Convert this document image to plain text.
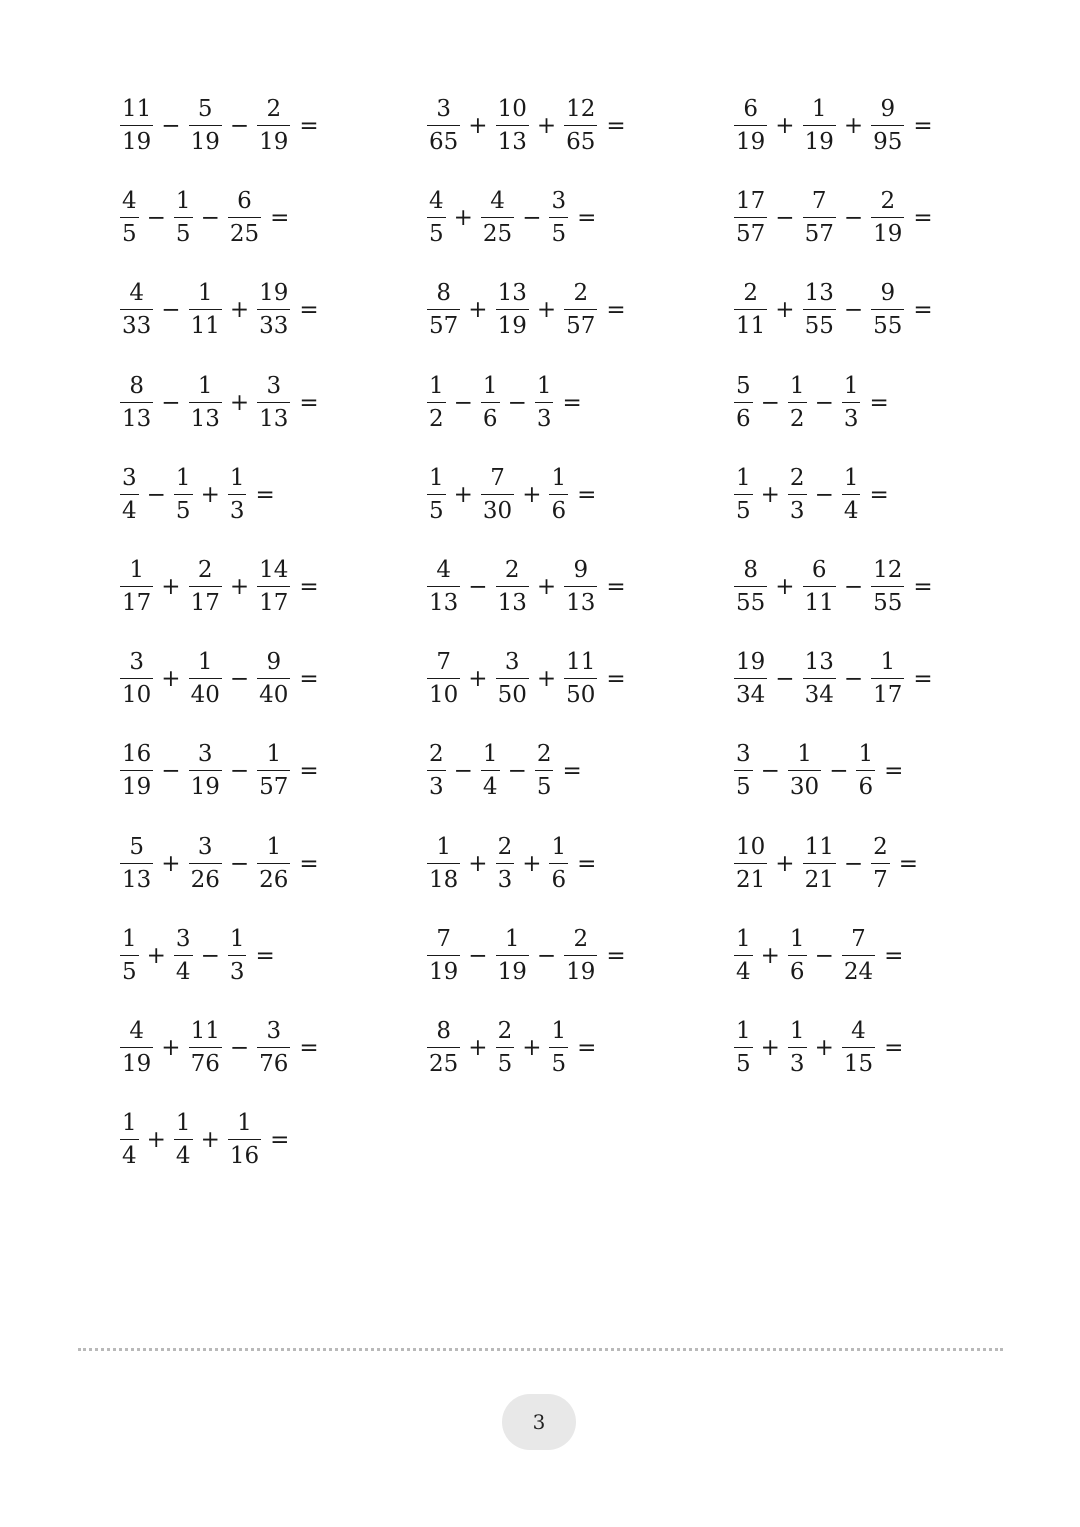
$\frac{11}{19} - \frac{5}{19} - \frac{2}{19}$ =	$\frac{3}{65} + \frac{10}{13} + \frac{12}{65}$ =	$\frac{6}{19} + \frac{1}{19} + \frac{9}{95}$ =
$\frac{4}{5} - \frac{1}{5} - \frac{6}{25}$ =	$\frac{4}{5} + \frac{4}{25} - \frac{3}{5}$ =	$\frac{17}{57} - \frac{7}{57} - \frac{2}{19}$ =
$\frac{4}{33} - \frac{1}{11} + \frac{19}{33}$ =	$\frac{8}{57} + \frac{13}{19} + \frac{2}{57}$ =	$\frac{2}{11} + \frac{13}{55} - \frac{9}{55}$ =
$\frac{8}{13} - \frac{1}{13} + \frac{3}{13}$ =	$\frac{1}{2} - \frac{1}{6} - \frac{1}{3}$ =	$\frac{5}{6} - \frac{1}{2} - \frac{1}{3}$ =
$\frac{3}{4} - \frac{1}{5} + \frac{1}{3}$ =	$\frac{1}{5} + \frac{7}{30} + \frac{1}{6}$ =	$\frac{1}{5} + \frac{2}{3} - \frac{1}{4}$ =
$\frac{1}{17} + \frac{2}{17} + \frac{14}{17}$ =	$\frac{4}{13} - \frac{2}{13} + \frac{9}{13}$ =	$\frac{8}{55} + \frac{6}{11} - \frac{12}{55}$ =
$\frac{3}{10} + \frac{1}{40} - \frac{9}{40}$ =	$\frac{7}{10} + \frac{3}{50} + \frac{11}{50}$ =	$\frac{19}{34} - \frac{13}{34} - \frac{1}{17}$ =
$\frac{16}{19} - \frac{3}{19} - \frac{1}{57}$ =	$\frac{2}{3} - \frac{1}{4} - \frac{2}{5}$ =	$\frac{3}{5} - \frac{1}{30} - \frac{1}{6}$ =
$\frac{5}{13} + \frac{3}{26} - \frac{1}{26}$ =	$\frac{1}{18} + \frac{2}{3} + \frac{1}{6}$ =	$\frac{10}{21} + \frac{11}{21} - \frac{2}{7}$ =
$\frac{1}{5} + \frac{3}{4} - \frac{1}{3}$ =	$\frac{7}{19} - \frac{1}{19} - \frac{2}{19}$ =	$\frac{1}{4} + \frac{1}{6} - \frac{7}{24}$ =
$\frac{4}{19} + \frac{11}{76} - \frac{3}{76}$ =	$\frac{8}{25} + \frac{2}{5} + \frac{1}{5}$ =	$\frac{1}{5} + \frac{1}{3} + \frac{4}{15}$ =
$\frac{1}{4} + \frac{1}{4} + \frac{1}{16}$ =
3
